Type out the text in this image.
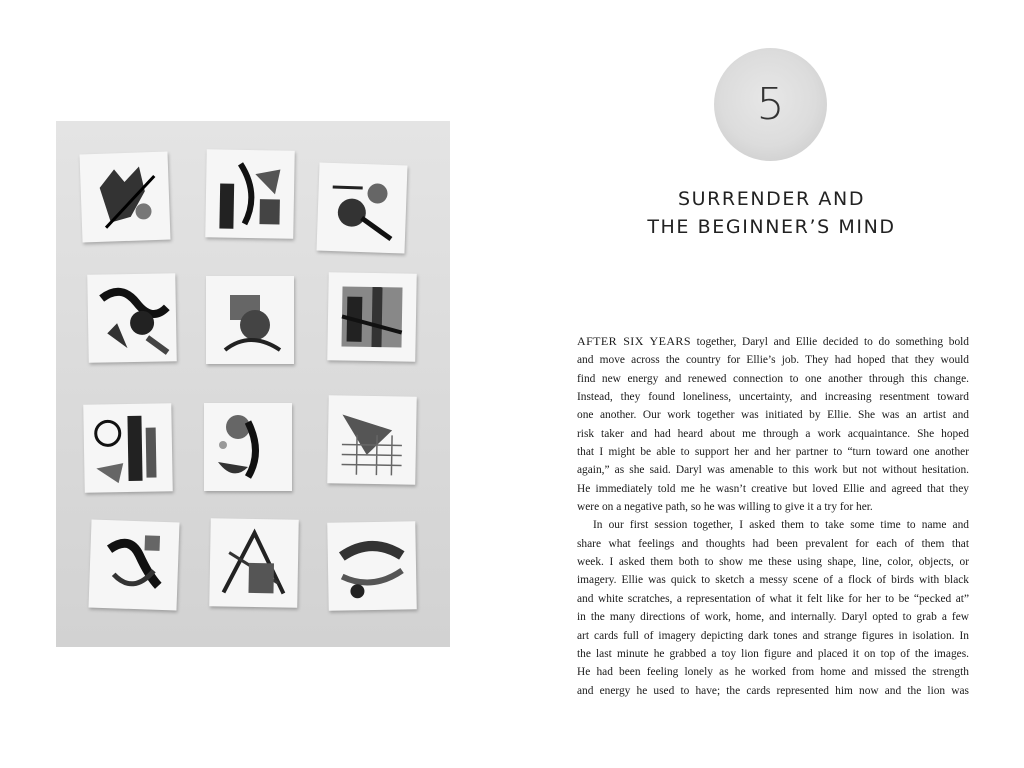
5
SURRENDER AND
THE BEGINNER’S MIND
AFTER SIX YEARS together, Daryl and Ellie decided to do something bold
and move across the country for Ellie’s job. They had hoped that they would
find new energy and renewed connection to one another through this change.
Instead, they found loneliness, uncertainty, and increasing resentment toward
one another. Our work together was initiated by Ellie. She was an artist and
risk taker and had heard about me through a work acquaintance. She hoped
that I might be able to support her and her partner to “turn toward one another
again,” as she said. Daryl was amenable to this work but not without hesitation.
He immediately told me he wasn’t creative but loved Ellie and agreed that they
were on a negative path, so he was willing to give it a try for her.
In our first session together, I asked them to take some time to name and
share what feelings and thoughts had been prevalent for each of them that
week. I asked them both to show me these using shape, line, color, objects, or
imagery. Ellie was quick to sketch a messy scene of a flock of birds with black
and white scratches, a representation of what it felt like for her to be “pecked at”
in the many directions of work, home, and internally. Daryl opted to grab a few
art cards full of imagery depicting dark tones and strange figures in isolation. In
the last minute he grabbed a toy lion figure and placed it on top of the images.
He had been feeling lonely as he worked from home and missed the strength
and energy he used to have; the cards represented him now and the lion was
